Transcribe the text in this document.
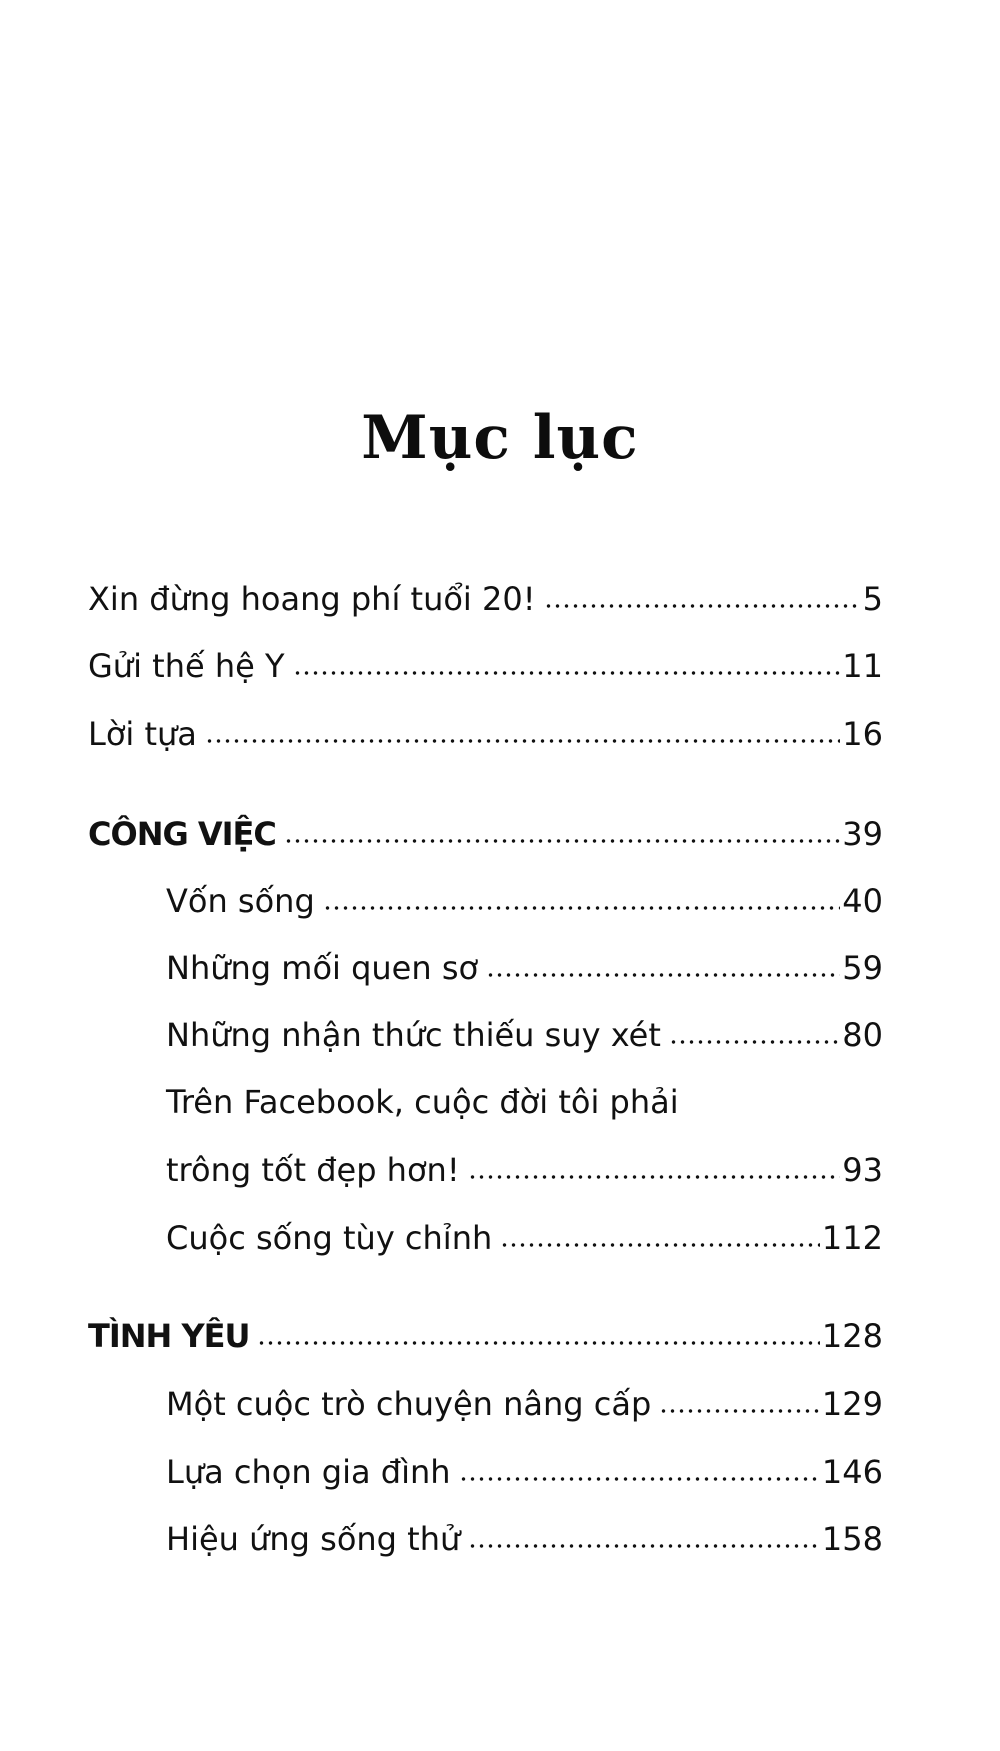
Mục lục
Xin đừng hoang phí tuổi 20!	5
Gửi thế hệ Y	11
Lời tựa	16
CÔNG VIỆC	39
Vốn sống	40
Những mối quen sơ	59
Những nhận thức thiếu suy xét	80
Trên Facebook, cuộc đời tôi phải
trông tốt đẹp hơn!	93
Cuộc sống tùy chỉnh	112
TÌNH YÊU	128
Một cuộc trò chuyện nâng cấp	129
Lựa chọn gia đình	146
Hiệu ứng sống thử	158
